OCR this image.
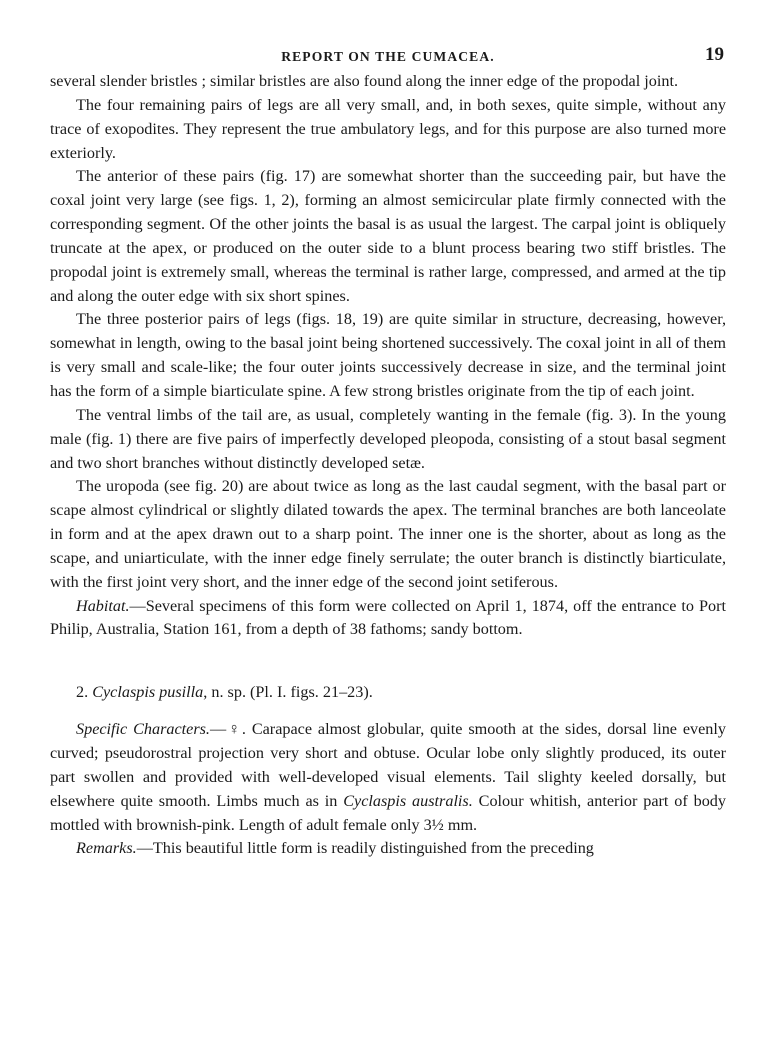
REPORT ON THE CUMACEA.	19

several slender bristles ; similar bristles are also found along the inner edge of the propodal joint.

The four remaining pairs of legs are all very small, and, in both sexes, quite simple, without any trace of exopodites. They represent the true ambulatory legs, and for this purpose are also turned more exteriorly.

The anterior of these pairs (fig. 17) are somewhat shorter than the succeeding pair, but have the coxal joint very large (see figs. 1, 2), forming an almost semicircular plate firmly connected with the corresponding segment. Of the other joints the basal is as usual the largest. The carpal joint is obliquely truncate at the apex, or produced on the outer side to a blunt process bearing two stiff bristles. The propodal joint is extremely small, whereas the terminal is rather large, compressed, and armed at the tip and along the outer edge with six short spines.

The three posterior pairs of legs (figs. 18, 19) are quite similar in structure, decreasing, however, somewhat in length, owing to the basal joint being shortened successively. The coxal joint in all of them is very small and scale-like; the four outer joints successively decrease in size, and the terminal joint has the form of a simple biarticulate spine. A few strong bristles originate from the tip of each joint.

The ventral limbs of the tail are, as usual, completely wanting in the female (fig. 3). In the young male (fig. 1) there are five pairs of imperfectly developed pleopoda, consisting of a stout basal segment and two short branches without distinctly developed setæ.

The uropoda (see fig. 20) are about twice as long as the last caudal segment, with the basal part or scape almost cylindrical or slightly dilated towards the apex. The terminal branches are both lanceolate in form and at the apex drawn out to a sharp point. The inner one is the shorter, about as long as the scape, and uniarticulate, with the inner edge finely serrulate; the outer branch is distinctly biarticulate, with the first joint very short, and the inner edge of the second joint setiferous.

Habitat.—Several specimens of this form were collected on April 1, 1874, off the entrance to Port Philip, Australia, Station 161, from a depth of 38 fathoms; sandy bottom.

2. Cyclaspis pusilla, n. sp. (Pl. I. figs. 21–23).

Specific Characters.—♀. Carapace almost globular, quite smooth at the sides, dorsal line evenly curved; pseudorostral projection very short and obtuse. Ocular lobe only slightly produced, its outer part swollen and provided with well-developed visual elements. Tail slighty keeled dorsally, but elsewhere quite smooth. Limbs much as in Cyclaspis australis. Colour whitish, anterior part of body mottled with brownish-pink. Length of adult female only 3½ mm.

Remarks.—This beautiful little form is readily distinguished from the preceding
